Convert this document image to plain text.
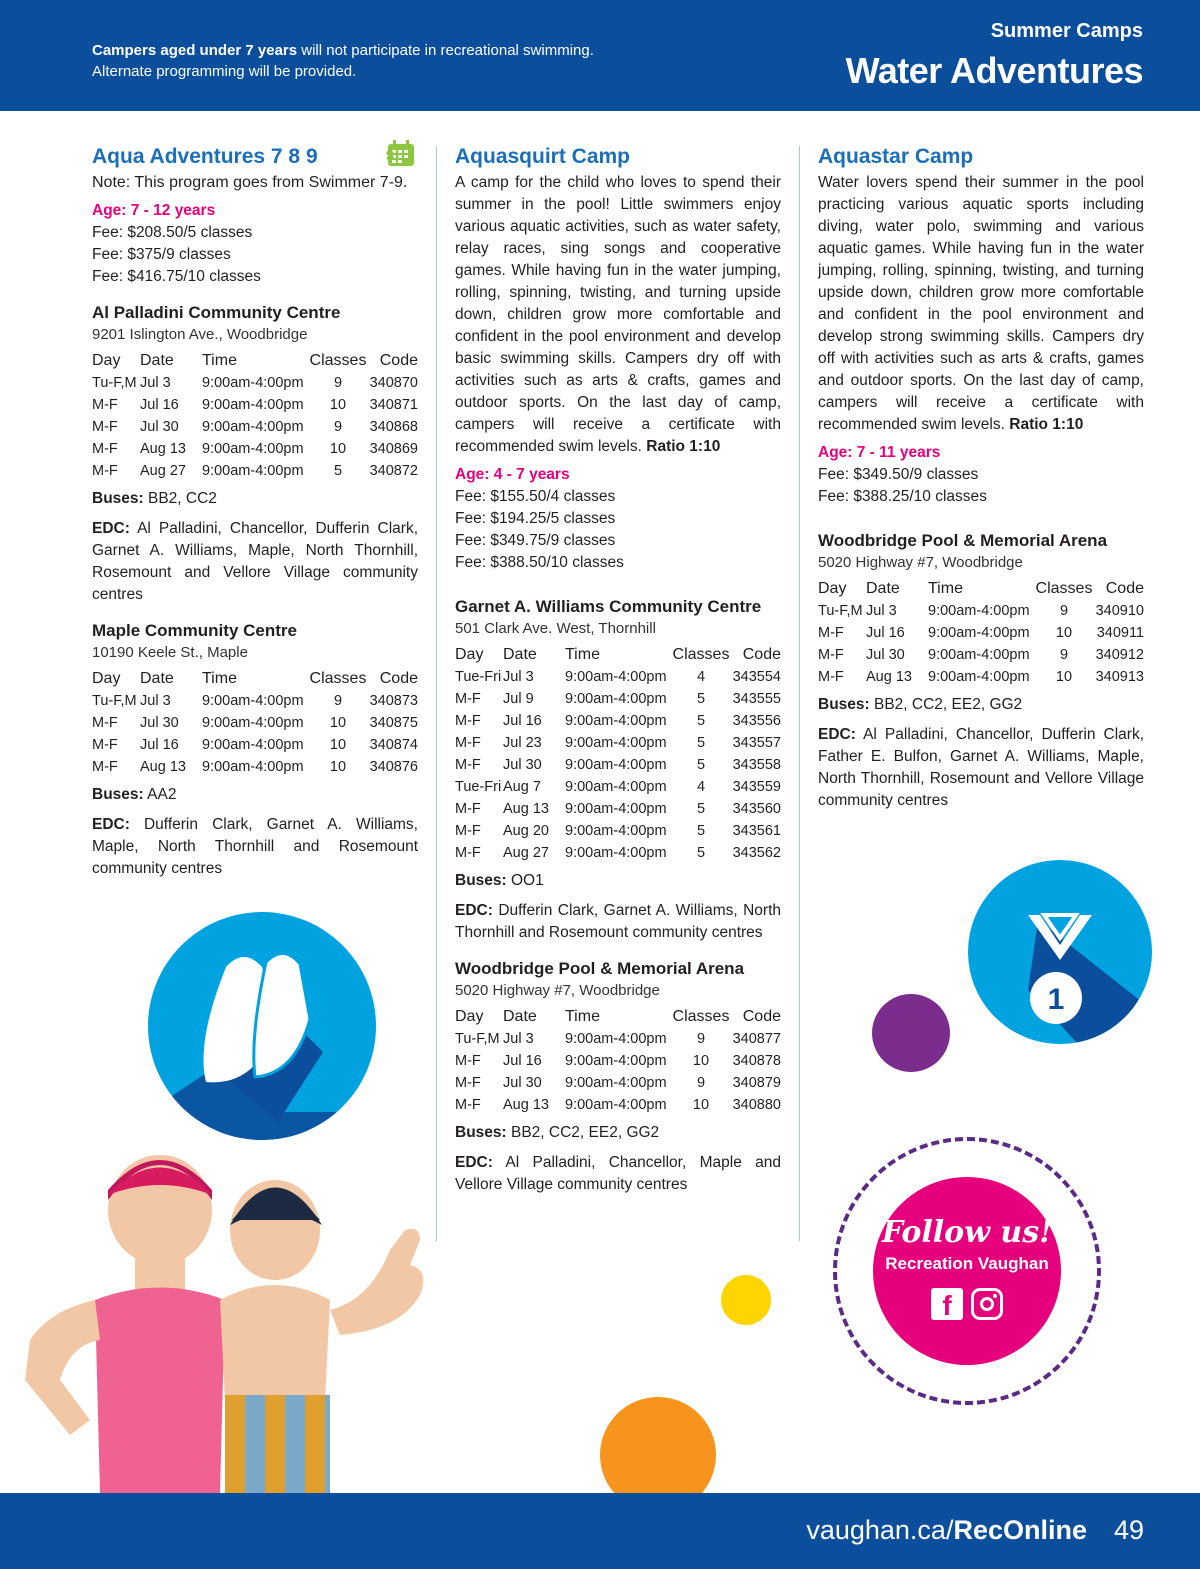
Campers aged under 7 years will not participate in recreational swimming. Alternate programming will be provided.
Summer Camps
Water Adventures
Aqua Adventures 7 8 9	$
Note: This program goes from Swimmer 7-9.
Age: 7 - 12 years
Fee: $208.50/5 classes
Fee: $375/9 classes
Fee: $416.75/10 classes
Al Palladini Community Centre
9201 Islington Ave., Woodbridge
Day	Date	Time	Classes	Code
Tu-F,M	Jul 3	9:00am-4:00pm	9	340870
M-F	Jul 16	9:00am-4:00pm	10	340871
M-F	Jul 30	9:00am-4:00pm	9	340868
M-F	Aug 13	9:00am-4:00pm	10	340869
M-F	Aug 27	9:00am-4:00pm	5	340872
Buses: BB2, CC2
EDC: Al Palladini, Chancellor, Dufferin Clark, Garnet A. Williams, Maple, North Thornhill, Rosemount and Vellore Village community centres
Maple Community Centre
10190 Keele St., Maple
Day	Date	Time	Classes	Code
Tu-F,M	Jul 3	9:00am-4:00pm	9	340873
M-F	Jul 30	9:00am-4:00pm	10	340875
M-F	Jul 16	9:00am-4:00pm	10	340874
M-F	Aug 13	9:00am-4:00pm	10	340876
Buses: AA2
EDC: Dufferin Clark, Garnet A. Williams, Maple, North Thornhill and Rosemount community centres
Aquasquirt Camp
A camp for the child who loves to spend their summer in the pool! Little swimmers enjoy various aquatic activities, such as water safety, relay races, sing songs and cooperative games. While having fun in the water jumping, rolling, spinning, twisting, and turning upside down, children grow more comfortable and confident in the pool environment and develop basic swimming skills. Campers dry off with activities such as arts & crafts, games and outdoor sports. On the last day of camp, campers will receive a certificate with recommended swim levels. Ratio 1:10
Age: 4 - 7 years
Fee: $155.50/4 classes
Fee: $194.25/5 classes
Fee: $349.75/9 classes
Fee: $388.50/10 classes
Garnet A. Williams Community Centre
501 Clark Ave. West, Thornhill
Day	Date	Time	Classes	Code
Tue-Fri	Jul 3	9:00am-4:00pm	4	343554
M-F	Jul 9	9:00am-4:00pm	5	343555
M-F	Jul 16	9:00am-4:00pm	5	343556
M-F	Jul 23	9:00am-4:00pm	5	343557
M-F	Jul 30	9:00am-4:00pm	5	343558
Tue-Fri	Aug 7	9:00am-4:00pm	4	343559
M-F	Aug 13	9:00am-4:00pm	5	343560
M-F	Aug 20	9:00am-4:00pm	5	343561
M-F	Aug 27	9:00am-4:00pm	5	343562
Buses: OO1
EDC: Dufferin Clark, Garnet A. Williams, North Thornhill and Rosemount community centres
Woodbridge Pool & Memorial Arena
5020 Highway #7, Woodbridge
Day	Date	Time	Classes	Code
Tu-F,M	Jul 3	9:00am-4:00pm	9	340877
M-F	Jul 16	9:00am-4:00pm	10	340878
M-F	Jul 30	9:00am-4:00pm	9	340879
M-F	Aug 13	9:00am-4:00pm	10	340880
Buses: BB2, CC2, EE2, GG2
EDC: Al Palladini, Chancellor, Maple and Vellore Village community centres
Aquastar Camp
Water lovers spend their summer in the pool practicing various aquatic sports including diving, water polo, swimming and various aquatic games. While having fun in the water jumping, rolling, spinning, twisting, and turning upside down, children grow more comfortable and confident in the pool environment and develop strong swimming skills. Campers dry off with activities such as arts & crafts, games and outdoor sports. On the last day of camp, campers will receive a certificate with recommended swim levels. Ratio 1:10
Age: 7 - 11 years
Fee: $349.50/9 classes
Fee: $388.25/10 classes
Woodbridge Pool & Memorial Arena
5020 Highway #7, Woodbridge
Day	Date	Time	Classes	Code
Tu-F,M	Jul 3	9:00am-4:00pm	9	340910
M-F	Jul 16	9:00am-4:00pm	10	340911
M-F	Jul 30	9:00am-4:00pm	9	340912
M-F	Aug 13	9:00am-4:00pm	10	340913
Buses: BB2, CC2, EE2, GG2
EDC: Al Palladini, Chancellor, Dufferin Clark, Father E. Bulfon, Garnet A. Williams, Maple, North Thornhill, Rosemount and Vellore Village community centres
1
Follow us!
Recreation Vaughan
f
vaughan.ca/RecOnline 49
